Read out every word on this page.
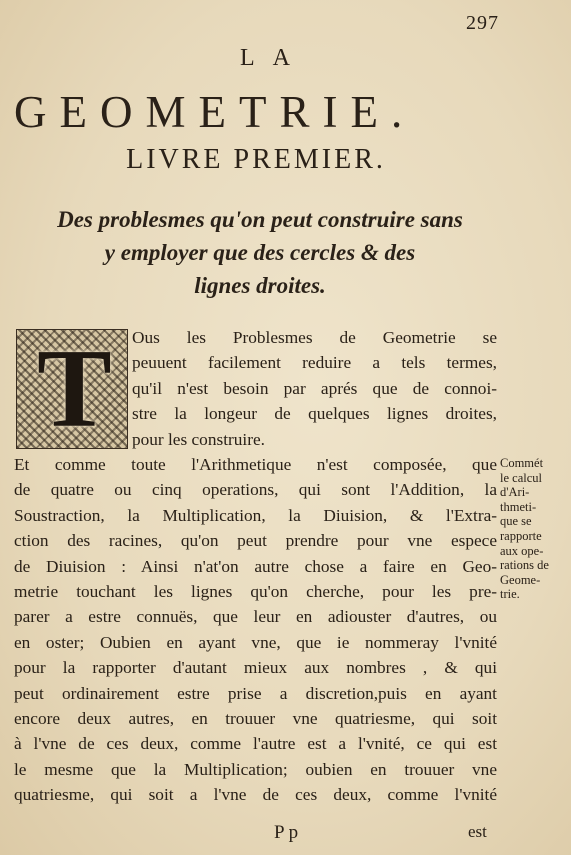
297
LA
GEOMETRIE.
LIVRE PREMIER.
Des problesmes qu'on peut construire sans
y employer que des cercles & des
lignes droites.
T Ous les Problesmes de Geometrie se
peuuent facilement reduire a tels termes,
qu'il n'est besoin par aprés que de connoi-
stre la longeur de quelques lignes droites,
pour les construire.
Et comme toute l'Arithmetique n'est composée, que
de quatre ou cinq operations, qui sont l'Addition, la
Soustraction, la Multiplication, la Diuision, & l'Extra-
ction des racines, qu'on peut prendre pour vne espece
de Diuision : Ainsi n'at'on autre chose a faire en Geo-
metrie touchant les lignes qu'on cherche, pour les pre-
parer a estre connuës, que leur en adiouster d'autres, ou
en oster; Oubien en ayant vne, que ie nommeray l'vnité
pour la rapporter d'autant mieux aux nombres , & qui
peut ordinairement estre prise a discretion,puis en ayant
encore deux autres, en trouuer vne quatriesme, qui soit
à l'vne de ces deux, comme l'autre est a l'vnité, ce qui est
le mesme que la Multiplication; oubien en trouuer vne
quatriesme, qui soit a l'vne de ces deux, comme l'vnité
Commét
le calcul
d'Ari-
thmeti-
que se
rapporte
aux ope-
rations de
Geome-
trie.
P p	est
